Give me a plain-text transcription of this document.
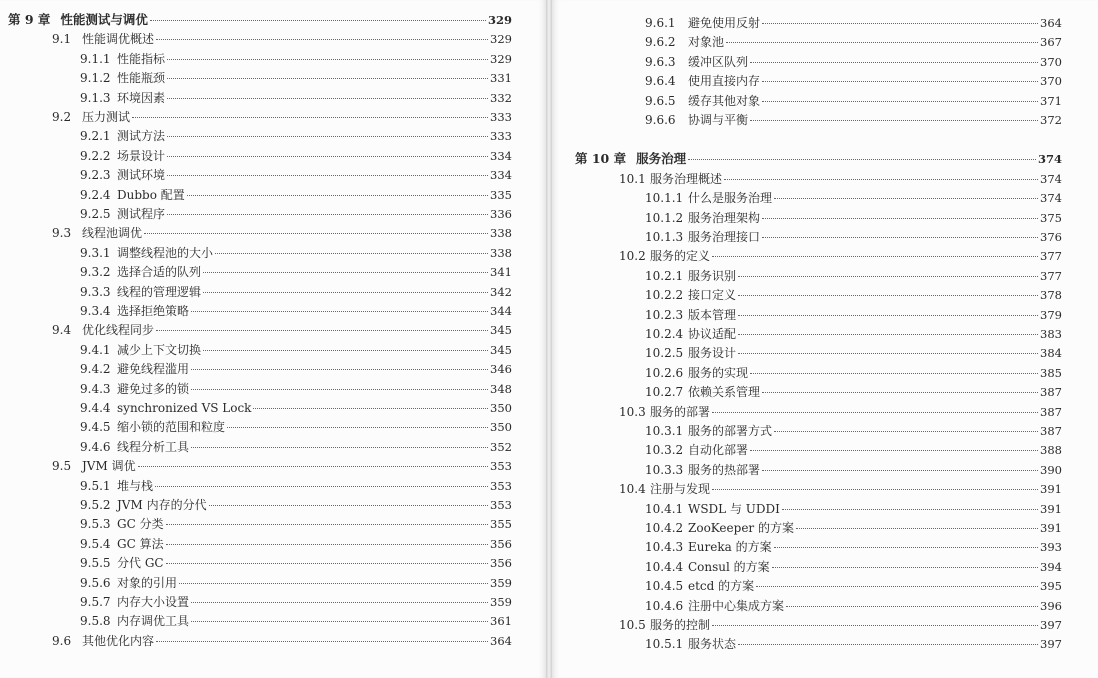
第 9 章 性能测试与调优	329
9.1 性能调优概述	329
9.1.1 性能指标	329
9.1.2 性能瓶颈	331
9.1.3 环境因素	332
9.2 压力测试	333
9.2.1 测试方法	333
9.2.2 场景设计	334
9.2.3 测试环境	334
9.2.4 Dubbo 配置	335
9.2.5 测试程序	336
9.3 线程池调优	338
9.3.1 调整线程池的大小	338
9.3.2 选择合适的队列	341
9.3.3 线程的管理逻辑	342
9.3.4 选择拒绝策略	344
9.4 优化线程同步	345
9.4.1 减少上下文切换	345
9.4.2 避免线程滥用	346
9.4.3 避免过多的锁	348
9.4.4 synchronized VS Lock	350
9.4.5 缩小锁的范围和粒度	350
9.4.6 线程分析工具	352
9.5 JVM 调优	353
9.5.1 堆与栈	353
9.5.2 JVM 内存的分代	353
9.5.3 GC 分类	355
9.5.4 GC 算法	356
9.5.5 分代 GC	356
9.5.6 对象的引用	359
9.5.7 内存大小设置	359
9.5.8 内存调优工具	361
9.6 其他优化内容	364
9.6.1	避免使用反射	364
9.6.2	对象池	367
9.6.3	缓冲区队列	370
9.6.4	使用直接内存	370
9.6.5	缓存其他对象	371
9.6.6	协调与平衡	372
第 10 章 服务治理	374
10.1 服务治理概述	374
10.1.1 什么是服务治理	374
10.1.2 服务治理架构	375
10.1.3 服务治理接口	376
10.2 服务的定义	377
10.2.1 服务识别	377
10.2.2 接口定义	378
10.2.3 版本管理	379
10.2.4 协议适配	383
10.2.5 服务设计	384
10.2.6 服务的实现	385
10.2.7 依赖关系管理	387
10.3 服务的部署	387
10.3.1 服务的部署方式	387
10.3.2 自动化部署	388
10.3.3 服务的热部署	390
10.4 注册与发现	391
10.4.1 WSDL 与 UDDI	391
10.4.2 ZooKeeper 的方案	391
10.4.3 Eureka 的方案	393
10.4.4 Consul 的方案	394
10.4.5 etcd 的方案	395
10.4.6 注册中心集成方案	396
10.5 服务的控制	397
10.5.1 服务状态	397
